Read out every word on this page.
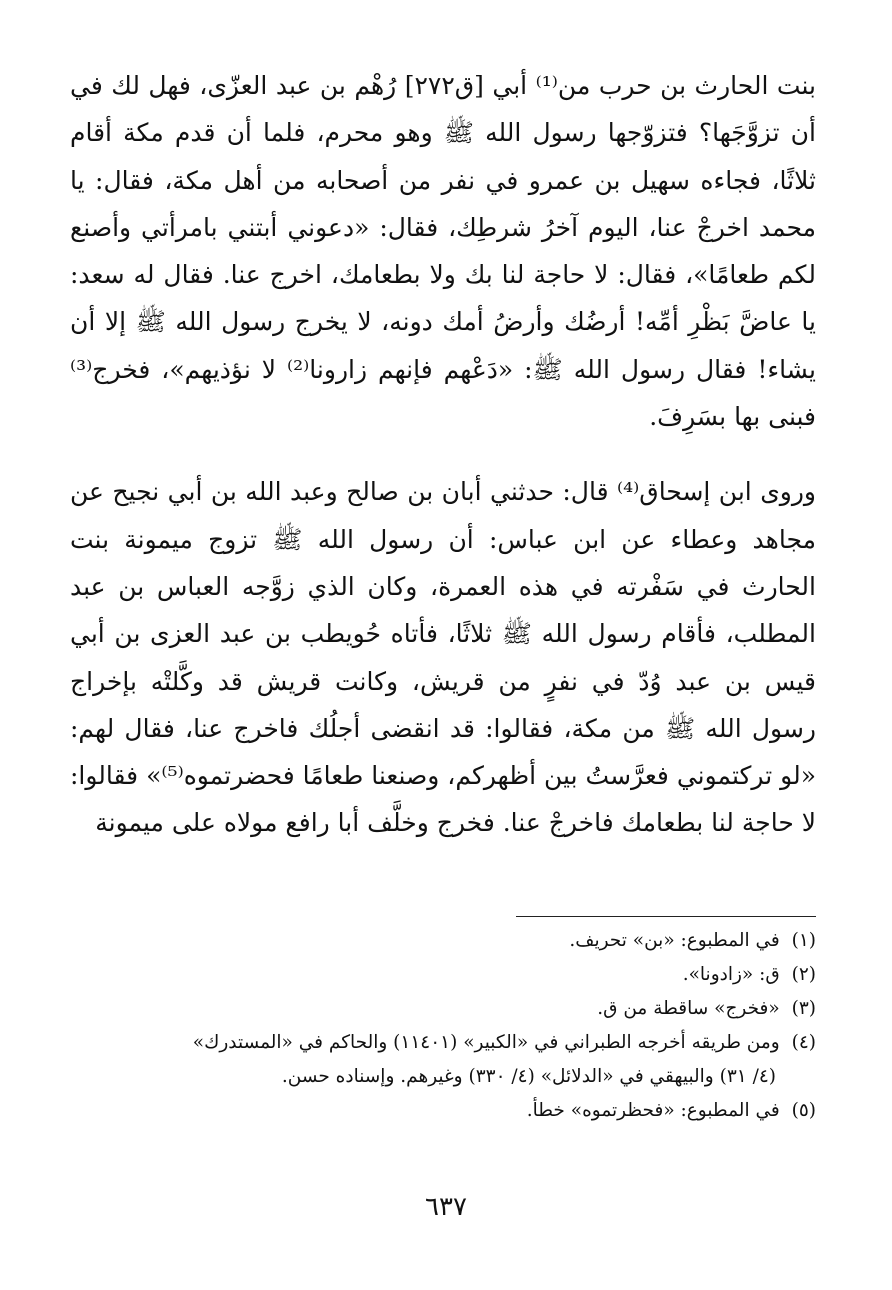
بنت الحارث بن حرب من⁽¹⁾ أبي [ق٢٧٢] رُهْم بن عبد العزّى، فهل لك في أن تزوَّجَها؟ فتزوّجها رسول الله ﷺ وهو محرم، فلما أن قدم مكة أقام ثلاثًا، فجاءه سهيل بن عمرو في نفر من أصحابه من أهل مكة، فقال: يا محمد اخرجْ عنا، اليوم آخرُ شرطِك، فقال: «دعوني أبتني بامرأتي وأصنع لكم طعامًا»، فقال: لا حاجة لنا بك ولا بطعامك، اخرج عنا. فقال له سعد: يا عاضَّ بَظْرِ أمِّه! أرضُك وأرضُ أمك دونه، لا يخرج رسول الله ﷺ إلا أن يشاء! فقال رسول الله ﷺ: «دَعْهم فإنهم زارونا⁽²⁾ لا نؤذيهم»، فخرج⁽³⁾ فبنى بها بسَرِفَ.

وروى ابن إسحاق⁽⁴⁾ قال: حدثني أبان بن صالح وعبد الله بن أبي نجيح عن مجاهد وعطاء عن ابن عباس: أن رسول الله ﷺ تزوج ميمونة بنت الحارث في سَفْرته في هذه العمرة، وكان الذي زوَّجه العباس بن عبد المطلب، فأقام رسول الله ﷺ ثلاثًا، فأتاه حُويطب بن عبد العزى بن أبي قيس بن عبد وُدّ في نفرٍ من قريش، وكانت قريش قد وكَّلتْه بإخراج رسول الله ﷺ من مكة، فقالوا: قد انقضى أجلُك فاخرج عنا، فقال لهم: «لو تركتموني فعرَّستُ بين أظهركم، وصنعنا طعامًا فحضرتموه⁽⁵⁾» فقالوا: لا حاجة لنا بطعامك فاخرجْ عنا. فخرج وخلَّف أبا رافع مولاه على ميمونة

(١) في المطبوع: «بن» تحريف.

(٢) ق: «زادونا».

(٣) «فخرج» ساقطة من ق.

(٤) ومن طريقه أخرجه الطبراني في «الكبير» (١١٤٠١) والحاكم في «المستدرك»

(٤/ ٣١) والبيهقي في «الدلائل» (٤/ ٣٣٠) وغيرهم. وإسناده حسن.

(٥) في المطبوع: «فحظرتموه» خطأ.

٦٣٧
